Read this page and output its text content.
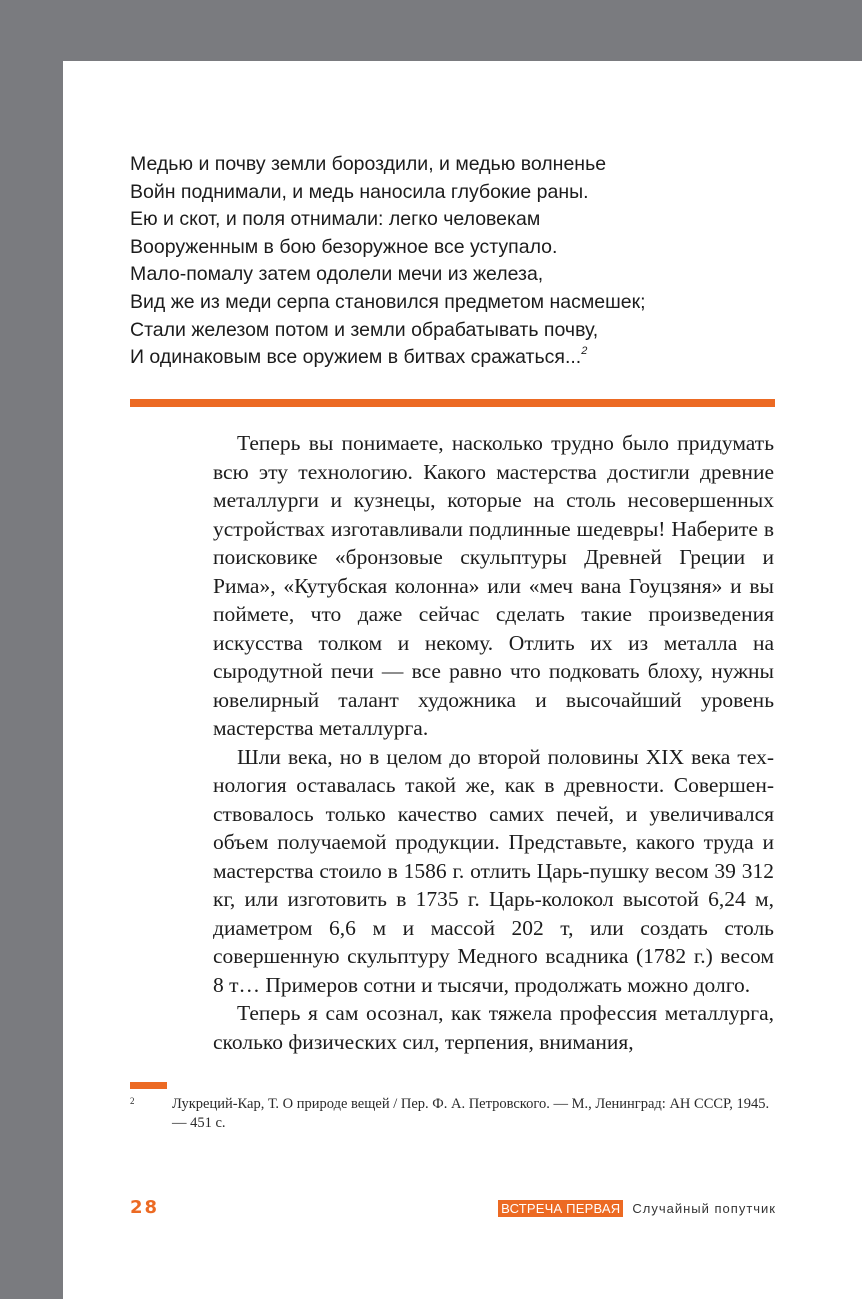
Медью и почву земли бороздили, и медью волненье
Войн поднимали, и медь наносила глубокие раны.
Ею и скот, и поля отнимали: легко человекам
Вооруженным в бою безоружное все уступало.
Мало-помалу затем одолели мечи из железа,
Вид же из меди серпа становился предметом насмешек;
Стали железом потом и земли обрабатывать почву,
И одинаковым все оружием в битвах сражаться...$^2$

Теперь вы понимаете, насколько трудно было придумать всю эту технологию. Какого мастерства достигли древние металлурги и кузнецы, которые на столь несовершенных устройствах изготавливали подлинные шедевры! Наберите в поисковике «бронзовые скульптуры Древней Греции и Рима», «Кутубская колонна» или «меч вана Гоуцзяня» и вы поймете, что даже сейчас сделать такие произведения искусства толком и некому. Отлить их из металла на сыродутной печи — все равно что подковать блоху, нужны ювелирный талант художника и высочайший уровень мастерства металлурга.

Шли века, но в целом до второй половины XIX века технология оставалась такой же, как в древности. Совершенствовалось только качество самих печей, и увеличивался объем получаемой продукции. Представьте, какого труда и мастерства стоило в 1586 г. отлить Царь-пушку весом 39 312 кг, или изготовить в 1735 г. Царь-колокол высотой 6,24 м, диаметром 6,6 м и массой 202 т, или создать столь совершенную скульптуру Медного всадника (1782 г.) весом 8 т… Примеров сотни и тысячи, продолжать можно долго.

Теперь я сам осознал, как тяжела профессия металлурга, сколько физических сил, терпения, внимания,

2	Лукреций-Кар, Т. О природе вещей / Пер. Ф. А. Петровского. — М., Ленинград: АН СССР, 1945. — 451 с.
28	ВСТРЕЧА ПЕРВАЯ Случайный попутчик
